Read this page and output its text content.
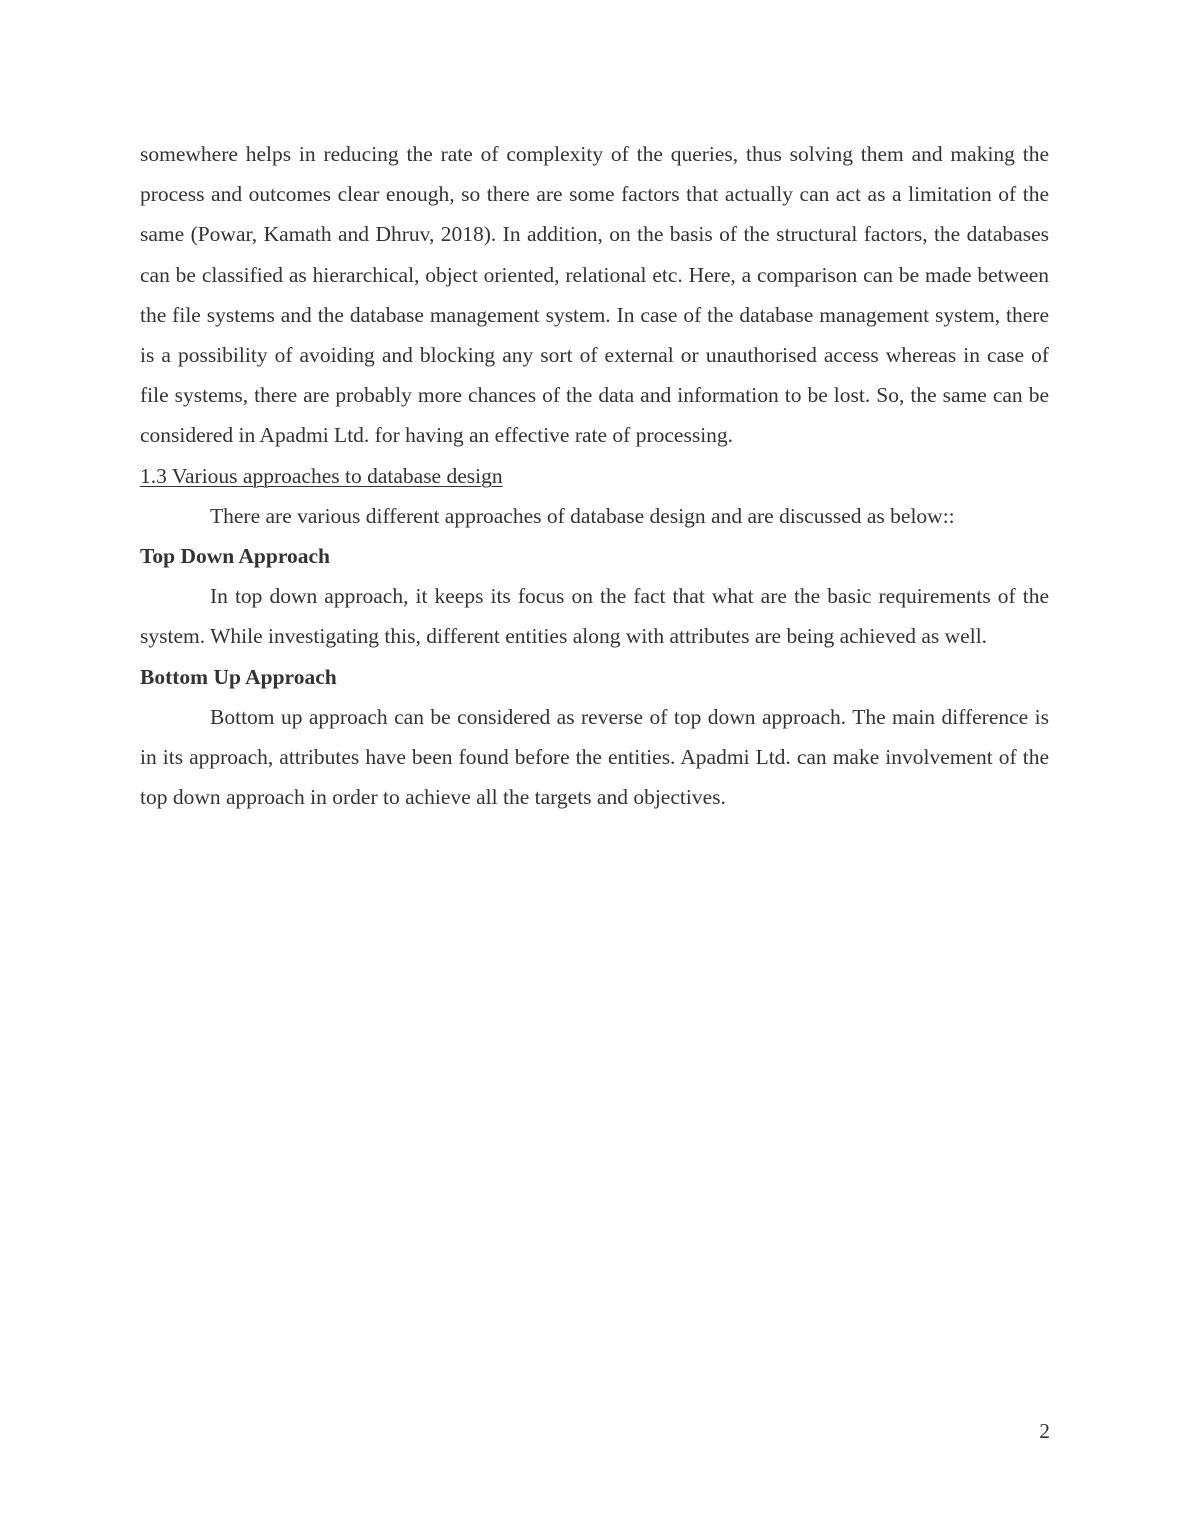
somewhere helps in reducing the rate of complexity of the queries, thus solving them and making the process and outcomes clear enough, so there are some factors that actually can act as a limitation of the same (Powar, Kamath and Dhruv, 2018). In addition, on the basis of the structural factors, the databases can be classified as hierarchical, object oriented, relational etc. Here, a comparison can be made between the file systems and the database management system. In case of the database management system, there is a possibility of avoiding and blocking any sort of external or unauthorised access whereas in case of file systems, there are probably more chances of the data and information to be lost. So, the same can be considered in Apadmi Ltd. for having an effective rate of processing.

1.3 Various approaches to database design

There are various different approaches of database design and are discussed as below::

Top Down Approach

In top down approach, it keeps its focus on the fact that what are the basic requirements of the system. While investigating this, different entities along with attributes are being achieved as well.

Bottom Up Approach

Bottom up approach can be considered as reverse of top down approach. The main difference is in its approach, attributes have been found before the entities. Apadmi Ltd. can make involvement of the top down approach in order to achieve all the targets and objectives.

2
